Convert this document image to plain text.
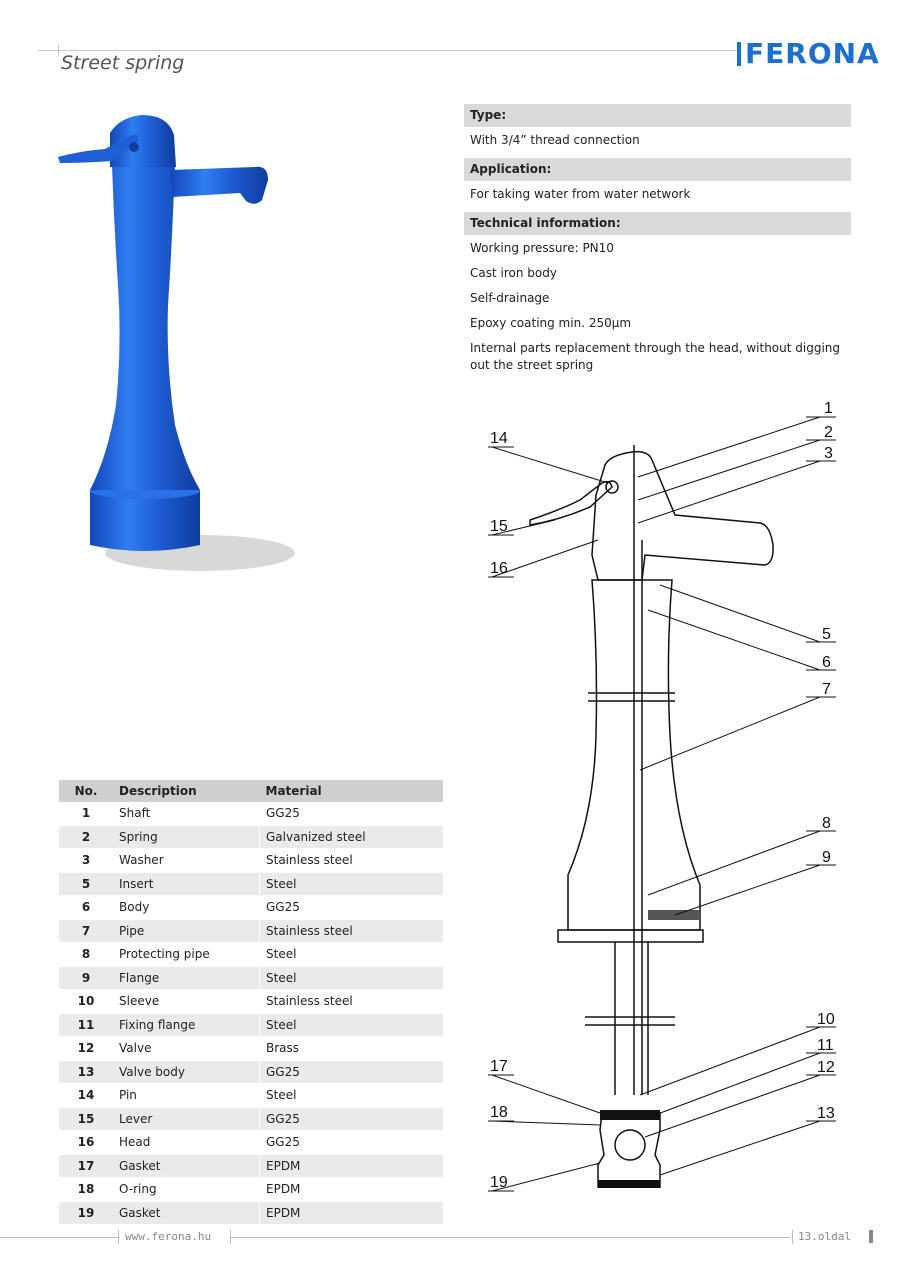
Street spring	FERONA
Type:
With 3/4” thread connection
Application:
For taking water from water network
Technical information:
Working pressure: PN10
Cast iron body
Self-drainage
Epoxy coating min. 250µm
Internal parts replacement through the head, without digging out the street spring
1
2
3
5
6
7
8
9
10
11
12
13
14
15
16
17
18
19
No.	Description	Material
1	Shaft	GG25
2	Spring	Galvanized steel
3	Washer	Stainless steel
5	Insert	Steel
6	Body	GG25
7	Pipe	Stainless steel
8	Protecting pipe	Steel
9	Flange	Steel
10	Sleeve	Stainless steel
11	Fixing flange	Steel
12	Valve	Brass
13	Valve body	GG25
14	Pin	Steel
15	Lever	GG25
16	Head	GG25
17	Gasket	EPDM
18	O-ring	EPDM
19	Gasket	EPDM
www.ferona.hu	13.oldal
